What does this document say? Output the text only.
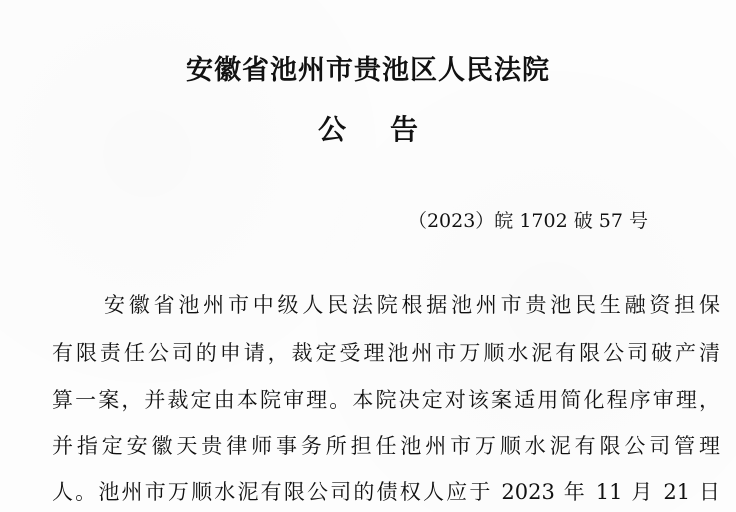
安徽省池州市贵池区人民法院
公告
（2023）皖 1702 破 57 号
安徽省池州市中级人民法院根据池州市贵池民生融资担保
有限责任公司的申请，裁定受理池州市万顺水泥有限公司破产清
算一案，并裁定由本院审理。本院决定对该案适用简化程序审理，
并指定安徽天贵律师事务所担任池州市万顺水泥有限公司管理
人。池州市万顺水泥有限公司的债权人应于 2023 年 11 月 21 日
